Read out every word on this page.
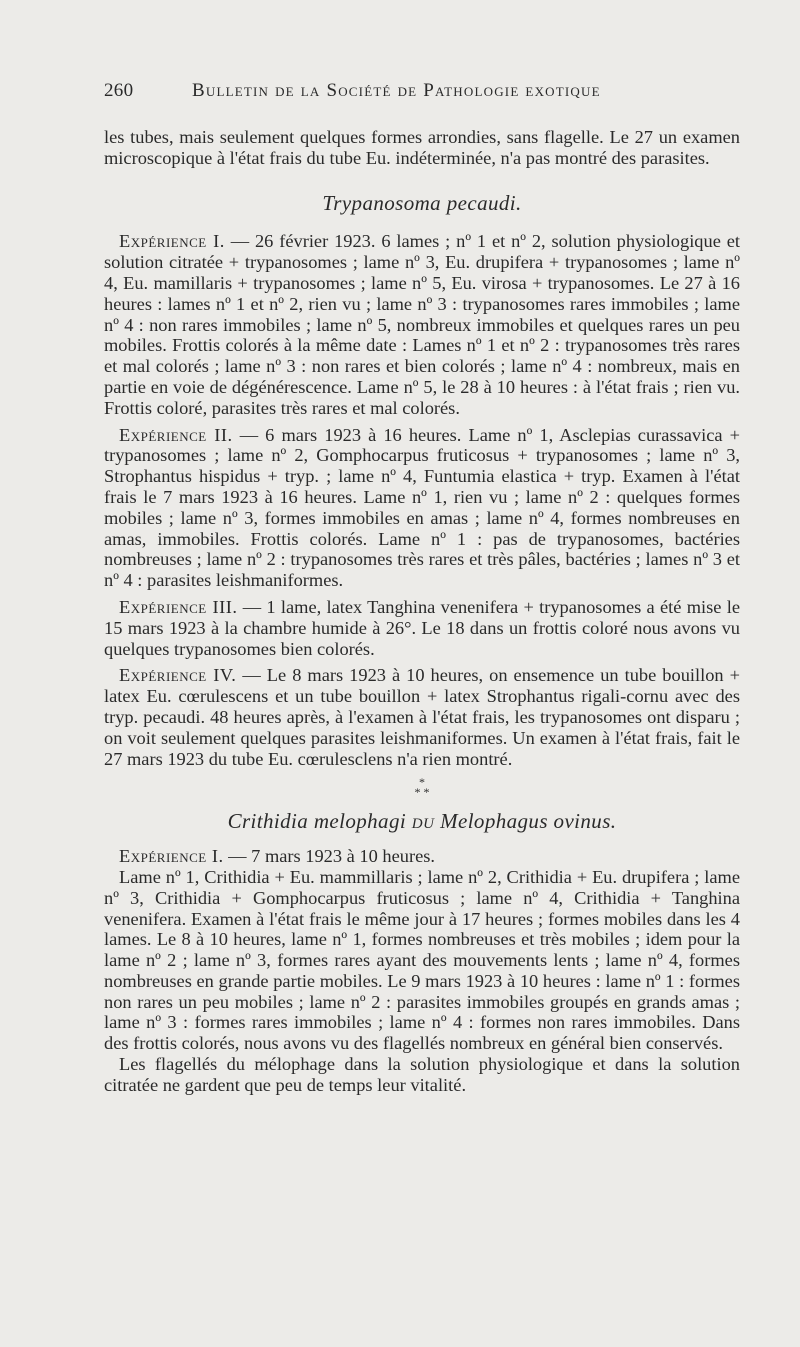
260	Bulletin de la Société de Pathologie exotique

les tubes, mais seulement quelques formes arrondies, sans flagelle. Le 27 un examen microscopique à l'état frais du tube Eu. indéterminée, n'a pas montré des parasites.

Trypanosoma pecaudi.

Expérience I. — 26 février 1923. 6 lames ; nº 1 et nº 2, solution physiologique et solution citratée + trypanosomes ; lame nº 3, Eu. drupifera + trypanosomes ; lame nº 4, Eu. mamillaris + trypanosomes ; lame nº 5, Eu. virosa + trypanosomes. Le 27 à 16 heures : lames nº 1 et nº 2, rien vu ; lame nº 3 : trypanosomes rares immobiles ; lame nº 4 : non rares immobiles ; lame nº 5, nombreux immobiles et quelques rares un peu mobiles. Frottis colorés à la même date : Lames nº 1 et nº 2 : trypanosomes très rares et mal colorés ; lame nº 3 : non rares et bien colorés ; lame nº 4 : nombreux, mais en partie en voie de dégénérescence. Lame nº 5, le 28 à 10 heures : à l'état frais ; rien vu. Frottis coloré, parasites très rares et mal colorés.

Expérience II. — 6 mars 1923 à 16 heures. Lame nº 1, Asclepias curassavica + trypanosomes ; lame nº 2, Gomphocarpus fruticosus + trypanosomes ; lame nº 3, Strophantus hispidus + tryp. ; lame nº 4, Funtumia elastica + tryp. Examen à l'état frais le 7 mars 1923 à 16 heures. Lame nº 1, rien vu ; lame nº 2 : quelques formes mobiles ; lame nº 3, formes immobiles en amas ; lame nº 4, formes nombreuses en amas, immobiles. Frottis colorés. Lame nº 1 : pas de trypanosomes, bactéries nombreuses ; lame nº 2 : trypanosomes très rares et très pâles, bactéries ; lames nº 3 et nº 4 : parasites leishmaniformes.

Expérience III. — 1 lame, latex Tanghina venenifera + trypanosomes a été mise le 15 mars 1923 à la chambre humide à 26°. Le 18 dans un frottis coloré nous avons vu quelques trypanosomes bien colorés.

Expérience IV. — Le 8 mars 1923 à 10 heures, on ensemence un tube bouillon + latex Eu. cœrulescens et un tube bouillon + latex Strophantus rigali-cornu avec des tryp. pecaudi. 48 heures après, à l'examen à l'état frais, les trypanosomes ont disparu ; on voit seulement quelques parasites leishmaniformes. Un examen à l'état frais, fait le 27 mars 1923 du tube Eu. cœrulesclens n'a rien montré.

*
* *

Crithidia melophagi du Melophagus ovinus.

Expérience I. — 7 mars 1923 à 10 heures.

Lame nº 1, Crithidia + Eu. mammillaris ; lame nº 2, Crithidia + Eu. drupifera ; lame nº 3, Crithidia + Gomphocarpus fruticosus ; lame nº 4, Crithidia + Tanghina venenifera. Examen à l'état frais le même jour à 17 heures ; formes mobiles dans les 4 lames. Le 8 à 10 heures, lame nº 1, formes nombreuses et très mobiles ; idem pour la lame nº 2 ; lame nº 3, formes rares ayant des mouvements lents ; lame nº 4, formes nombreuses en grande partie mobiles. Le 9 mars 1923 à 10 heures : lame nº 1 : formes non rares un peu mobiles ; lame nº 2 : parasites immobiles groupés en grands amas ; lame nº 3 : formes rares immobiles ; lame nº 4 : formes non rares immobiles. Dans des frottis colorés, nous avons vu des flagellés nombreux en général bien conservés.

Les flagellés du mélophage dans la solution physiologique et dans la solution citratée ne gardent que peu de temps leur vitalité.
